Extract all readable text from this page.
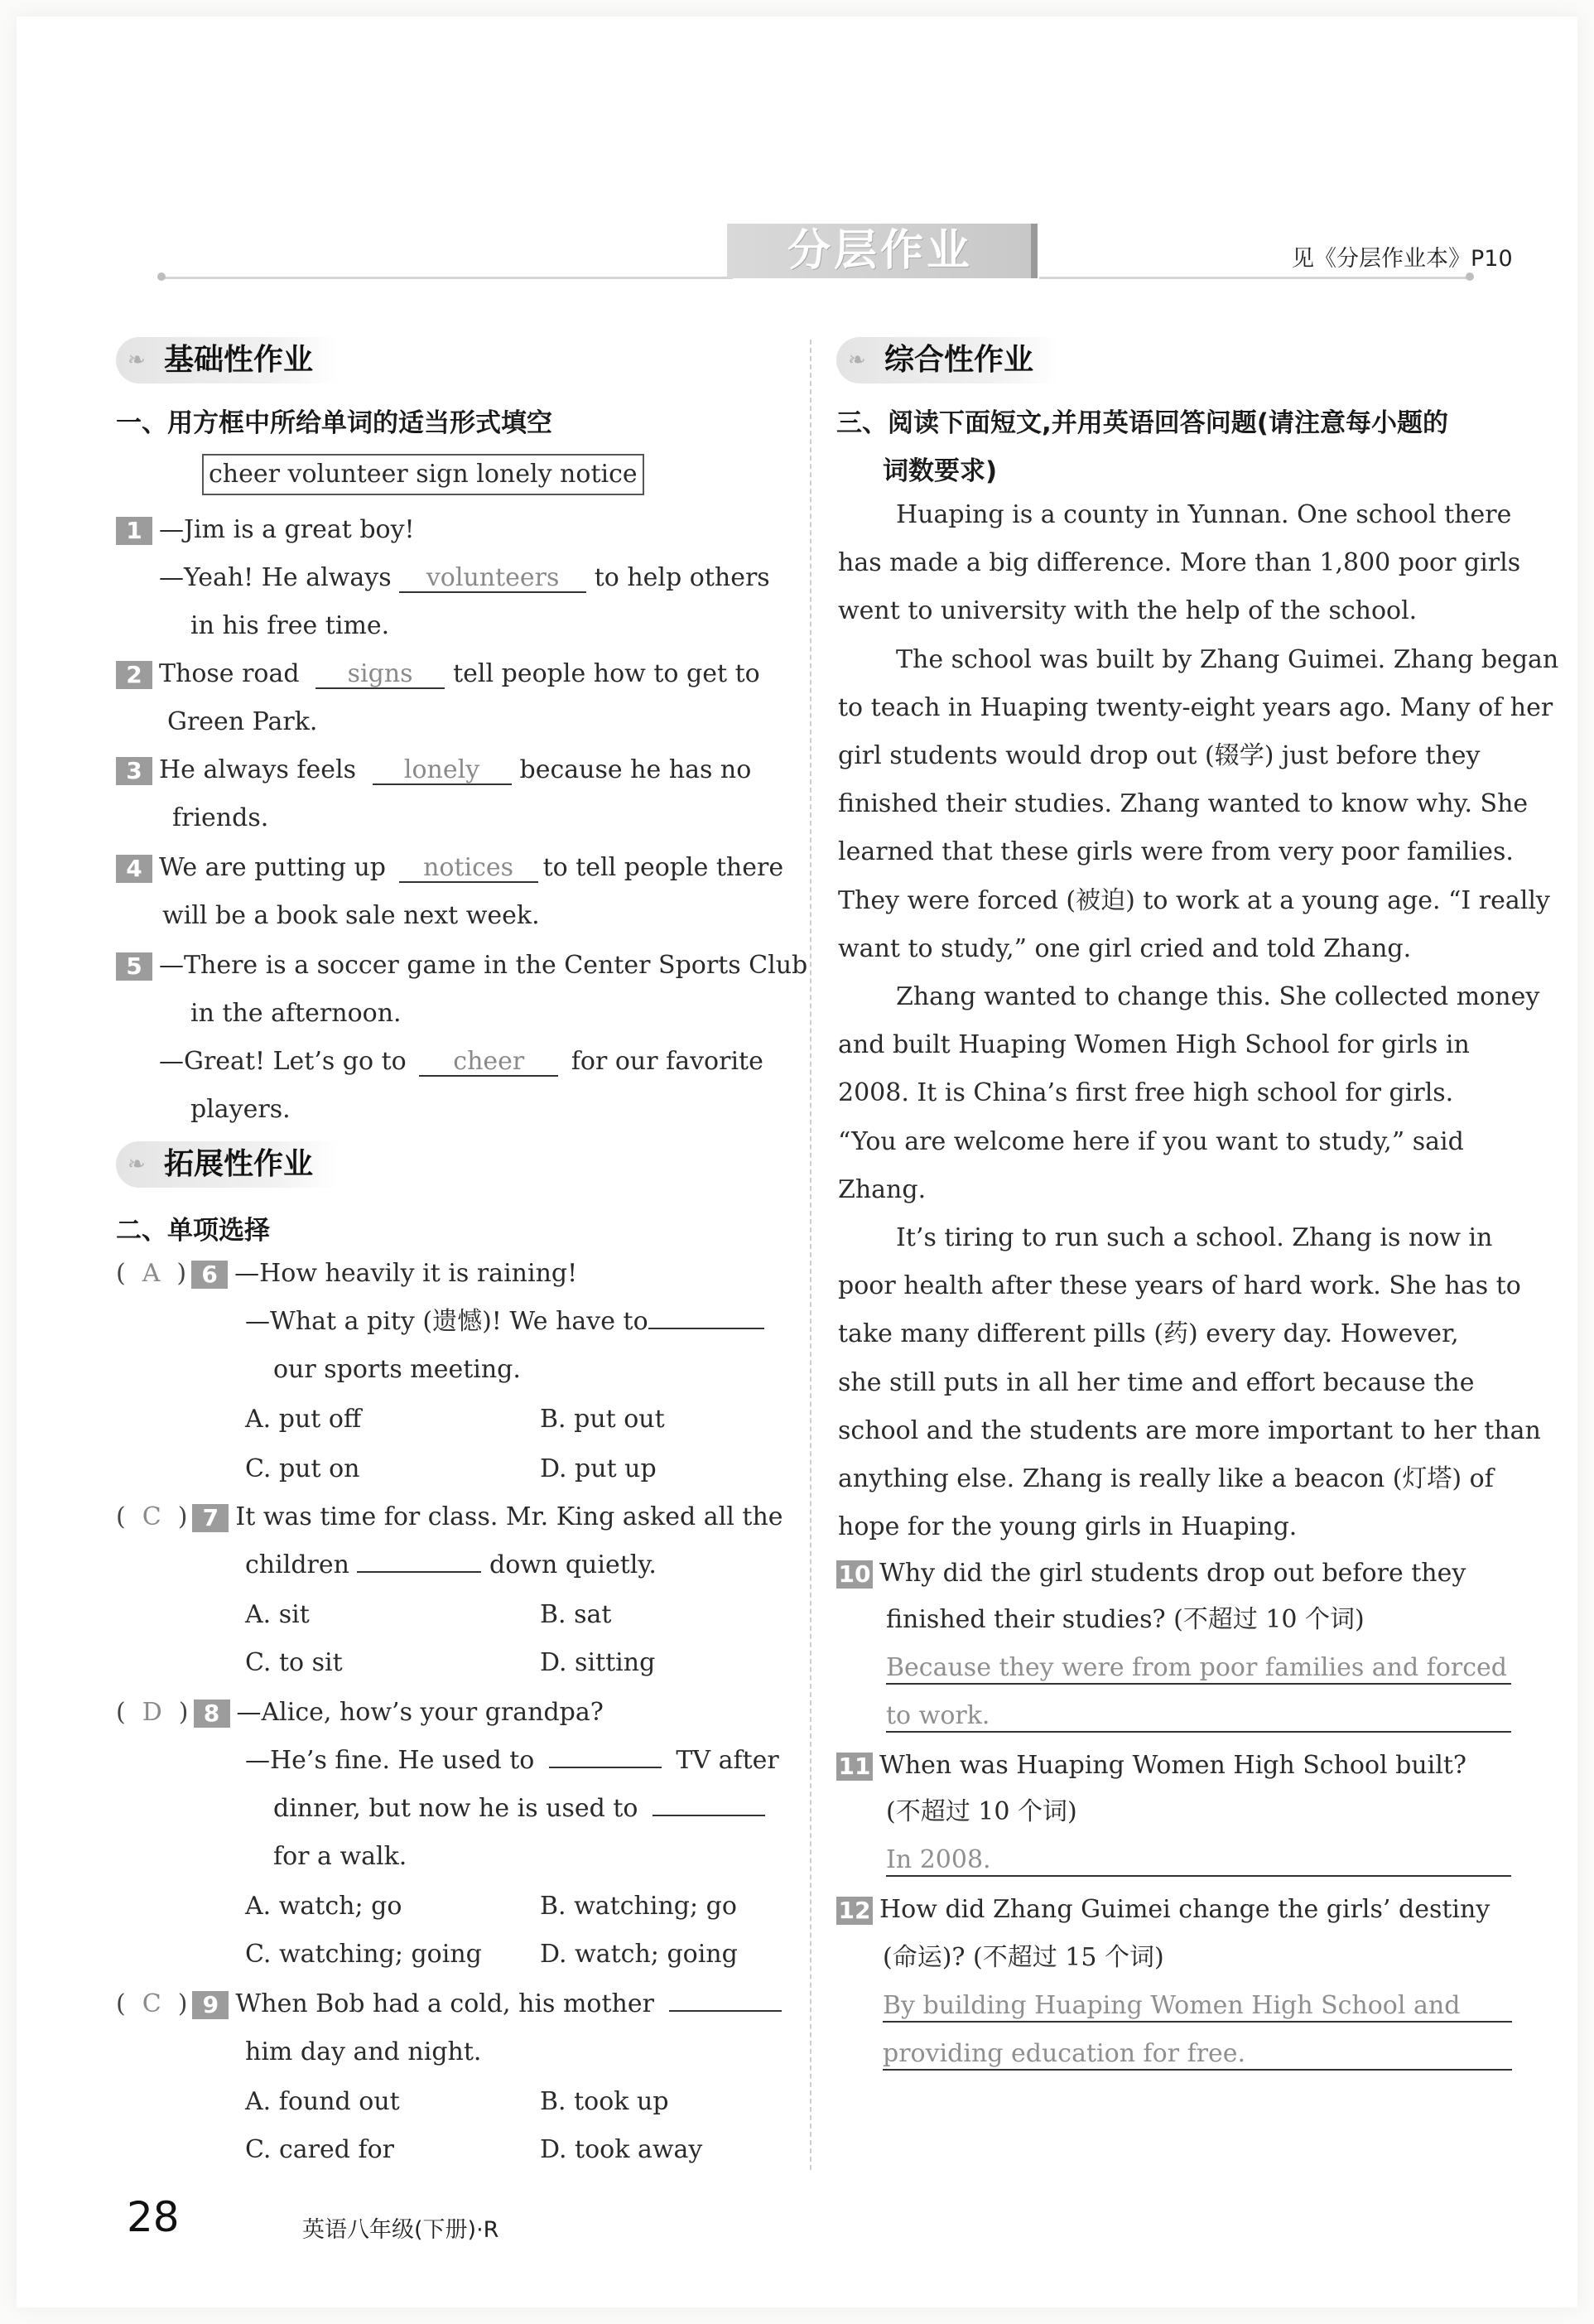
分层作业	见《分层作业本》P10
❧ 基础性作业
一、用方框中所给单词的适当形式填空
cheer volunteer sign lonely notice
1 —Jim is a great boy!
—Yeah! He always volunteers to help others
in his free time.
2 Those road signs tell people how to get to
Green Park.
3 He always feels lonely because he has no
friends.
4 We are putting up notices to tell people there
will be a book sale next week.
5 —There is a soccer game in the Center Sports Club
in the afternoon.
—Great! Let’s go to cheer for our favorite
players.
❧ 拓展性作业
二、单项选择
( A ) 6 —How heavily it is raining!
—What a pity (遗憾)! We have to
our sports meeting.
A. put off	B. put out
C. put on	D. put up
( C ) 7 It was time for class. Mr. King asked all the
children	down quietly.
A. sit	B. sat
C. to sit	D. sitting
( D ) 8 —Alice, how’s your grandpa?
—He’s fine. He used to	TV after
dinner, but now he is used to
for a walk.
A. watch; go	B. watching; go
C. watching; going D. watch; going
( C ) 9 When Bob had a cold, his mother
him day and night.
A. found out	B. took up
C. cared for	D. took away
❧ 综合性作业
三、阅读下面短文,并用英语回答问题(请注意每小题的
词数要求)
Huaping is a county in Yunnan. One school there
has made a big difference. More than 1,800 poor girls
went to university with the help of the school.
The school was built by Zhang Guimei. Zhang began
to teach in Huaping twenty-eight years ago. Many of her
girl students would drop out (辍学) just before they
finished their studies. Zhang wanted to know why. She
learned that these girls were from very poor families.
They were forced (被迫) to work at a young age. “I really
want to study,” one girl cried and told Zhang.
Zhang wanted to change this. She collected money
and built Huaping Women High School for girls in
2008. It is China’s first free high school for girls.
“You are welcome here if you want to study,” said
Zhang.
It’s tiring to run such a school. Zhang is now in
poor health after these years of hard work. She has to
take many different pills (药) every day. However,
she still puts in all her time and effort because the
school and the students are more important to her than
anything else. Zhang is really like a beacon (灯塔) of
hope for the young girls in Huaping.
10 Why did the girl students drop out before they
finished their studies? (不超过 10 个词)
Because they were from poor families and forced
to work.
11 When was Huaping Women High School built?
(不超过 10 个词)
In 2008.
12 How did Zhang Guimei change the girls’ destiny
(命运)? (不超过 15 个词)
By building Huaping Women High School and
providing education for free.
28	英语八年级(下册)·R
